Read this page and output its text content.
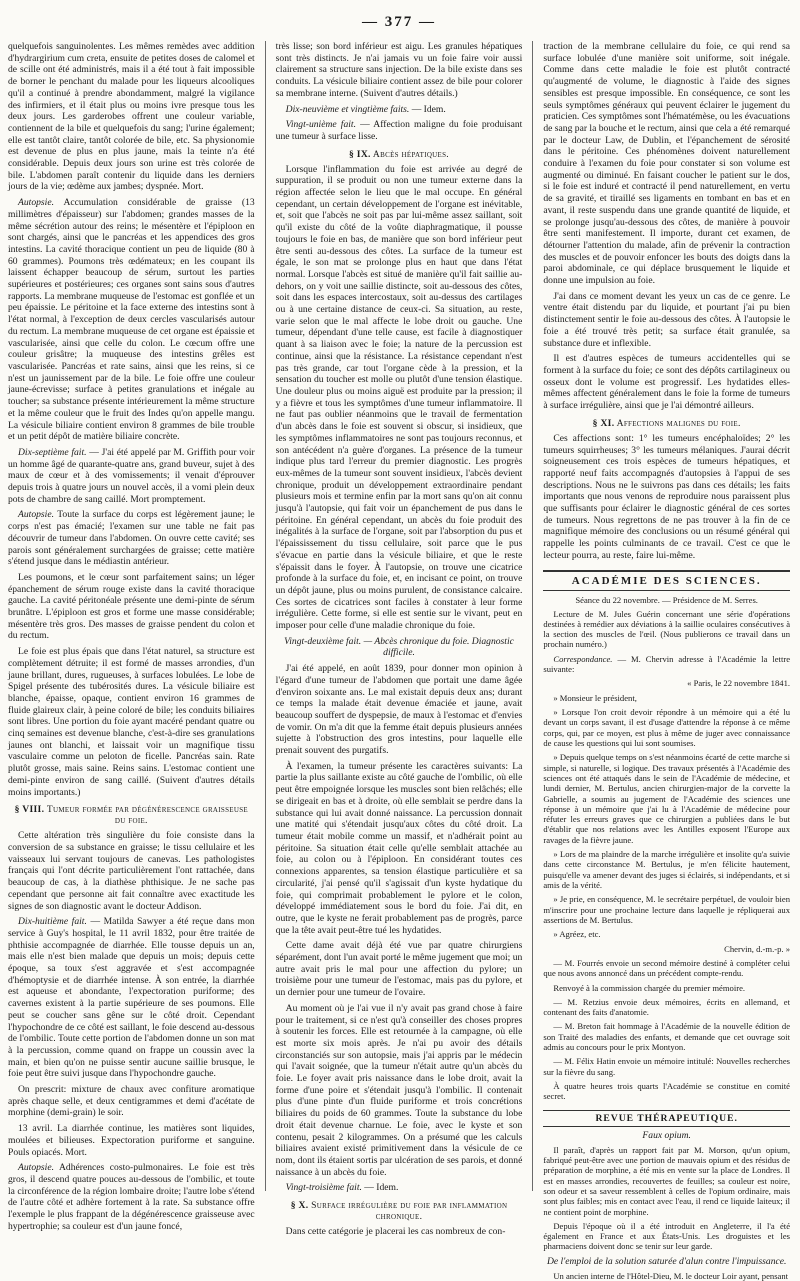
— 377 —

quelquefois sanguinolentes. Les mêmes remèdes avec addition d'hydrargirium cum creta, ensuite de petites doses de calomel et de scille ont été administrés, mais il a été tout à fait impossible de borner le penchant du malade pour les liqueurs alcooliques qu'il a continué à prendre abondamment, malgré la vigilance des infirmiers, et il était plus ou moins ivre presque tous les deux jours. Les garderobes offrent une couleur variable, contiennent de la bile et quelquefois du sang; l'urine également; elle est tantôt claire, tantôt colorée de bile, etc. Sa physionomie est devenue de plus en plus jaune, mais la teinte n'a été considérable. Depuis deux jours son urine est très colorée de bile. L'abdomen paraît contenir du liquide dans les derniers jours de la vie; œdème aux jambes; dyspnée. Mort.

Autopsie. Accumulation considérable de graisse (13 millimètres d'épaisseur) sur l'abdomen; grandes masses de la même sécrétion autour des reins; le mésentère et l'épiploon en sont chargés, ainsi que le pancréas et les appendices des gros intestins. La cavité thoracique contient un peu de liquide (80 à 60 grammes). Poumons très œdémateux; en les coupant ils laissent échapper beaucoup de sérum, surtout les parties supérieures et postérieures; ces organes sont sains sous d'autres rapports. La membrane muqueuse de l'estomac est gonflée et un peu épaissie. Le péritoine et la face externe des intestins sont à l'état normal, à l'exception de deux cercles vascularisés autour du rectum. La membrane muqueuse de cet organe est épaissie et vascularisée, ainsi que celle du colon. Le cœcum offre une couleur grisâtre; la muqueuse des intestins grêles est vascularisée. Pancréas et rate sains, ainsi que les reins, si ce n'est un jaunissement par de la bile. Le foie offre une couleur jaune-écrevisse; surface à petites granulations et inégale au toucher; sa substance présente intérieurement la même structure et la même couleur que le fruit des Indes qu'on appelle mangu. La vésicule biliaire contient environ 8 grammes de bile trouble et un petit dépôt de matière biliaire concrète.

Dix-septième fait. — J'ai été appelé par M. Griffith pour voir un homme âgé de quarante-quatre ans, grand buveur, sujet à des maux de cœur et à des vomissements; il venait d'éprouver depuis trois à quatre jours un nouvel accès, il a vomi plein deux pots de chambre de sang caillé. Mort promptement.

Autopsie. Toute la surface du corps est légèrement jaune; le corps n'est pas émacié; l'examen sur une table ne fait pas découvrir de tumeur dans l'abdomen. On ouvre cette cavité; ses parois sont généralement surchargées de graisse; cette matière s'étend jusque dans le médiastin antérieur.

Les poumons, et le cœur sont parfaitement sains; un léger épanchement de sérum rouge existe dans la cavité thoracique gauche. La cavité péritonéale présente une demi-pinte de sérum brunâtre. L'épiploon est gros et forme une masse considérable; mésentère très gros. Des masses de graisse pendent du colon et du rectum.

Le foie est plus épais que dans l'état naturel, sa structure est complètement détruite; il est formé de masses arrondies, d'un jaune brillant, dures, rugueuses, à surfaces lobulées. Le lobe de Spigel présente des tubérosités dures. La vésicule biliaire est blanche, épaisse, opaque, contient environ 16 grammes de fluide glaireux clair, à peine coloré de bile; les conduits biliaires sont libres. Une portion du foie ayant macéré pendant quatre ou cinq semaines est devenue blanche, c'est-à-dire ses granulations jaunes ont blanchi, et laissait voir un magnifique tissu vasculaire comme un peloton de ficelle. Pancréas sain. Rate plutôt grosse, mais saine. Reins sains. L'estomac contient une demi-pinte environ de sang caillé. (Suivent d'autres détails moins importants.)

§ VIII. Tumeur formée par dégénérescence graisseuse du foie.

Cette altération très singulière du foie consiste dans la conversion de sa substance en graisse; le tissu cellulaire et les vaisseaux lui servant toujours de canevas. Les pathologistes français qui l'ont décrite particulièrement l'ont rattachée, dans beaucoup de cas, à la diathèse phthisique. Je ne sache pas cependant que personne ait fait connaître avec exactitude les signes de son diagnostic avant le docteur Addison.

Dix-huitième fait. — Matilda Sawyer a été reçue dans mon service à Guy's hospital, le 11 avril 1832, pour être traitée de phthisie accompagnée de diarrhée. Elle tousse depuis un an, mais elle n'est bien malade que depuis un mois; depuis cette époque, sa toux s'est aggravée et s'est accompagnée d'hémoptysie et de diarrhée intense. À son entrée, la diarrhée est aqueuse et abondante, l'expectoration puriforme; des cavernes existent à la partie supérieure de ses poumons. Elle peut se coucher sans gêne sur le côté droit. Cependant l'hypochondre de ce côté est saillant, le foie descend au-dessous de l'ombilic. Toute cette portion de l'abdomen donne un son mat à la percussion, comme quand on frappe un coussin avec la main, et bien qu'on ne puisse sentir aucune saillie brusque, le foie peut être suivi jusque dans l'hypochondre gauche.

On prescrit: mixture de chaux avec confiture aromatique après chaque selle, et deux centigrammes et demi d'acétate de morphine (demi-grain) le soir.

13 avril. La diarrhée continue, les matières sont liquides, moulées et bilieuses. Expectoration puriforme et sanguine. Pouls opiacés. Mort.

Autopsie. Adhérences costo-pulmonaires. Le foie est très gros, il descend quatre pouces au-dessous de l'ombilic, et toute la circonférence de la région lombaire droite; l'autre lobe s'étend de l'autre côté et adhère fortement à la rate. Sa substance offre l'exemple le plus frappant de la dégénérescence graisseuse avec hypertrophie; sa couleur est d'un jaune foncé,

très lisse; son bord inférieur est aigu. Les granules hépatiques sont très distincts. Je n'ai jamais vu un foie faire voir aussi clairement sa structure sans injection. De la bile existe dans ses conduits. La vésicule biliaire contient assez de bile pour colorer sa membrane interne. (Suivent d'autres détails.)

Dix-neuvième et vingtième faits. — Idem.

Vingt-unième fait. — Affection maligne du foie produisant une tumeur à surface lisse.

§ IX. Abcès hépatiques.

Lorsque l'inflammation du foie est arrivée au degré de suppuration, il se produit ou non une tumeur externe dans la région affectée selon le lieu que le mal occupe. En général cependant, un certain développement de l'organe est inévitable, et, soit que l'abcès ne soit pas par lui-même assez saillant, soit qu'il existe du côté de la voûte diaphragmatique, il pousse toujours le foie en bas, de manière que son bord inférieur peut être senti au-dessous des côtes. La surface de la tumeur est égale, le son mat se prolonge plus en haut que dans l'état normal. Lorsque l'abcès est situé de manière qu'il fait saillie au-dehors, on y voit une saillie distincte, soit au-dessous des côtes, soit dans les espaces intercostaux, soit au-dessus des cartilages ou à une certaine distance de ceux-ci. Sa situation, au reste, varie selon que le mal affecte le lobe droit ou gauche. Une tumeur, dépendant d'une telle cause, est facile à diagnostiquer quant à sa liaison avec le foie; la nature de la percussion est continue, ainsi que la résistance. La résistance cependant n'est pas très grande, car tout l'organe cède à la pression, et la sensation du toucher est molle ou plutôt d'une tension élastique. Une douleur plus ou moins aiguë est produite par la pression; il y a fièvre et tous les symptômes d'une tumeur inflammatoire. Il ne faut pas oublier néanmoins que le travail de fermentation d'un abcès dans le foie est souvent si obscur, si insidieux, que les symptômes inflammatoires ne sont pas toujours reconnus, et son antécédent n'a guère d'organes. La présence de la tumeur indique plus tard l'erreur du premier diagnostic. Les progrès eux-mêmes de la tumeur sont souvent insidieux, l'abcès devient chronique, produit un développement extraordinaire pendant plusieurs mois et termine enfin par la mort sans qu'on ait connu jusqu'à l'autopsie, qui fait voir un épanchement de pus dans le péritoine. En général cependant, un abcès du foie produit des inégalités à la surface de l'organe, soit par l'absorption du pus et l'épaississement du tissu cellulaire, soit parce que le pus s'évacue en partie dans la vésicule biliaire, et que le reste s'épaissit dans le foyer. À l'autopsie, on trouve une cicatrice profonde à la surface du foie, et, en incisant ce point, on trouve un dépôt jaune, plus ou moins purulent, de consistance calcaire. Ces sortes de cicatrices sont faciles à constater à leur forme irrégulière. Cette forme, si elle est sentie sur le vivant, peut en imposer pour celle d'une maladie chronique du foie.

Vingt-deuxième fait. — Abcès chronique du foie. Diagnostic difficile.

J'ai été appelé, en août 1839, pour donner mon opinion à l'égard d'une tumeur de l'abdomen que portait une dame âgée d'environ soixante ans. Le mal existait depuis deux ans; durant ce temps la malade était devenue émaciée et jaune, avait beaucoup souffert de dyspepsie, de maux à l'estomac et d'envies de vomir. On m'a dit que la femme était depuis plusieurs années sujette à l'obstruction des gros intestins, pour laquelle elle prenait souvent des purgatifs.

À l'examen, la tumeur présente les caractères suivants: La partie la plus saillante existe au côté gauche de l'ombilic, où elle peut être empoignée lorsque les muscles sont bien relâchés; elle se dirigeait en bas et à droite, où elle semblait se perdre dans la substance qui lui avait donné naissance. La percussion donnait une matité qui s'étendait jusqu'aux côtes du côté droit. La tumeur était mobile comme un massif, et n'adhérait point au péritoine. Sa situation était celle qu'elle semblait attachée au foie, au colon ou à l'épiploon. En considérant toutes ces connexions apparentes, sa tension élastique particulière et sa circularité, j'ai pensé qu'il s'agissait d'un kyste hydatique du foie, qui comprimait probablement le pylore et le colon, développé immédiatement sous le bord du foie. J'ai dit, en outre, que le kyste ne ferait probablement pas de progrès, parce que la tête avait peut-être tué les hydatides.

Cette dame avait déjà été vue par quatre chirurgiens séparément, dont l'un avait porté le même jugement que moi; un autre avait pris le mal pour une affection du pylore; un troisième pour une tumeur de l'estomac, mais pas du pylore, et un dernier pour une tumeur de l'ovaire.

Au moment où je l'ai vue il n'y avait pas grand chose à faire pour le traitement, si ce n'est qu'à conseiller des choses propres à soutenir les forces. Elle est retournée à la campagne, où elle est morte six mois après. Je n'ai pu avoir des détails circonstanciés sur son autopsie, mais j'ai appris par le médecin qui l'avait soignée, que la tumeur n'était autre qu'un abcès du foie. Le foyer avait pris naissance dans le lobe droit, avait la forme d'une poire et s'étendait jusqu'à l'ombilic. Il contenait plus d'une pinte d'un fluide puriforme et trois concrétions biliaires du poids de 60 grammes. Toute la substance du lobe droit était devenue charnue. Le foie, avec le kyste et son contenu, pesait 2 kilogrammes. On a présumé que les calculs biliaires avaient existé primitivement dans la vésicule de ce nom, dont ils étaient sortis par ulcération de ses parois, et donné naissance à un abcès du foie.

Vingt-troisième fait. — Idem.

§ X. Surface irrégulière du foie par inflammation chronique.

Dans cette catégorie je placerai les cas nombreux de con-

traction de la membrane cellulaire du foie, ce qui rend sa surface lobulée d'une manière soit uniforme, soit inégale. Comme dans cette maladie le foie est plutôt contracté qu'augmenté de volume, le diagnostic à l'aide des signes sensibles est presque impossible. En conséquence, ce sont les seuls symptômes généraux qui peuvent éclairer le jugement du praticien. Ces symptômes sont l'hématémèse, ou les évacuations de sang par la bouche et le rectum, ainsi que cela a été remarqué par le docteur Law, de Dublin, et l'épanchement de sérosité dans le péritoine. Ces phénomènes doivent naturellement conduire à l'examen du foie pour constater si son volume est augmenté ou diminué. En faisant coucher le patient sur le dos, si le foie est induré et contracté il pend naturellement, en vertu de sa gravité, et tiraillé ses ligaments en tombant en bas et en avant, il reste suspendu dans une grande quantité de liquide, et se prolonge jusqu'au-dessous des côtes, de manière à pouvoir être senti manifestement. Il importe, durant cet examen, de détourner l'attention du malade, afin de prévenir la contraction des muscles et de pouvoir enfoncer les bouts des doigts dans la paroi abdominale, ce qui déplace brusquement le liquide et donne une impulsion au foie.

J'ai dans ce moment devant les yeux un cas de ce genre. Le ventre était distendu par du liquide, et pourtant j'ai pu bien distinctement sentir le foie au-dessous des côtes. À l'autopsie le foie a été trouvé très petit; sa surface était granulée, sa substance dure et inflexible.

Il est d'autres espèces de tumeurs accidentelles qui se forment à la surface du foie; ce sont des dépôts cartilagineux ou osseux dont le volume est progressif. Les hydatides elles-mêmes affectent généralement dans le foie la forme de tumeurs à surface irrégulière, ainsi que je l'ai démontré ailleurs.

§ XI. Affections malignes du foie.

Ces affections sont: 1° les tumeurs encéphaloïdes; 2° les tumeurs squirrheuses; 3° les tumeurs mélaniques. J'aurai décrit soigneusement ces trois espèces de tumeurs hépatiques, et rapporté neuf faits accompagnés d'autopsies à l'appui de ses descriptions. Nous ne le suivrons pas dans ces détails; les faits importants que nous venons de reproduire nous paraissent plus que suffisants pour éclairer le diagnostic général de ces sortes de tumeurs. Nous regrettons de ne pas trouver à la fin de ce magnifique mémoire des conclusions ou un résumé général qui rappelle les points culminants de ce travail. C'est ce que le lecteur pourra, au reste, faire lui-même.

ACADÉMIE DES SCIENCES.
Séance du 22 novembre. — Présidence de M. Serres.

Lecture de M. Jules Guérin concernant une série d'opérations destinées à remédier aux déviations à la saillie oculaires consécutives à la section des muscles de l'œil. (Nous publierons ce travail dans un prochain numéro.)

Correspondance. — M. Chervin adresse à l'Académie la lettre suivante:

« Paris, le 22 novembre 1841.

» Monsieur le président,

» Lorsque l'on croit devoir répondre à un mémoire qui a été lu devant un corps savant, il est d'usage d'attendre la réponse à ce même corps, qui, par ce moyen, est plus à même de juger avec connaissance de cause les questions qui lui sont soumises.

» Depuis quelque temps on s'est néanmoins écarté de cette marche si simple, si naturelle, si logique. Des travaux présentés à l'Académie des sciences ont été attaqués dans le sein de l'Académie de médecine, et lundi dernier, M. Bertulus, ancien chirurgien-major de la corvette la Gabrielle, a soumis au jugement de l'Académie des sciences une réponse à un mémoire que j'ai lu à l'Académie de médecine pour réfuter les erreurs graves que ce chirurgien a publiées dans le but d'établir que nos relations avec les Antilles exposent l'Europe aux ravages de la fièvre jaune.

» Lors de ma plaindre de la marche irrégulière et insolite qu'a suivie dans cette circonstance M. Bertulus, je m'en félicite hautement, puisqu'elle va amener devant des juges si éclairés, si indépendants, et si amis de la vérité.

» Je prie, en conséquence, M. le secrétaire perpétuel, de vouloir bien m'inscrire pour une prochaine lecture dans laquelle je répliquerai aux assertions de M. Bertulus.

» Agréez, etc.

Chervin, d.-m.-p. »

— M. Fourrés envoie un second mémoire destiné à compléter celui que nous avons annoncé dans un précédent compte-rendu.

Renvoyé à la commission chargée du premier mémoire.

— M. Retzius envoie deux mémoires, écrits en allemand, et contenant des faits d'anatomie.

— M. Breton fait hommage à l'Académie de la nouvelle édition de son Traité des maladies des enfants, et demande que cet ouvrage soit admis au concours pour le prix Montyon.

— M. Félix Hatin envoie un mémoire intitulé: Nouvelles recherches sur la fièvre du sang.

À quatre heures trois quarts l'Académie se constitue en comité secret.

REVUE THÉRAPEUTIQUE.
Faux opium.

Il paraît, d'après un rapport fait par M. Morson, qu'un opium, fabriqué peut-être avec une portion de mauvais opium et des résidus de préparation de morphine, a été mis en vente sur la place de Londres. Il est en masses arrondies, recouvertes de feuilles; sa couleur est noire, son odeur et sa saveur ressemblent à celles de l'opium ordinaire, mais sont plus faibles; mis en contact avec l'eau, il rend ce liquide laiteux; il ne contient point de morphine.

Depuis l'époque où il a été introduit en Angleterre, il l'a été également en France et aux États-Unis. Les droguistes et les pharmaciens doivent donc se tenir sur leur garde.

De l'emploi de la solution saturée d'alun contre l'impuissance.

Un ancien interne de l'Hôtel-Dieu, M. le docteur Loir ayant, pensant
